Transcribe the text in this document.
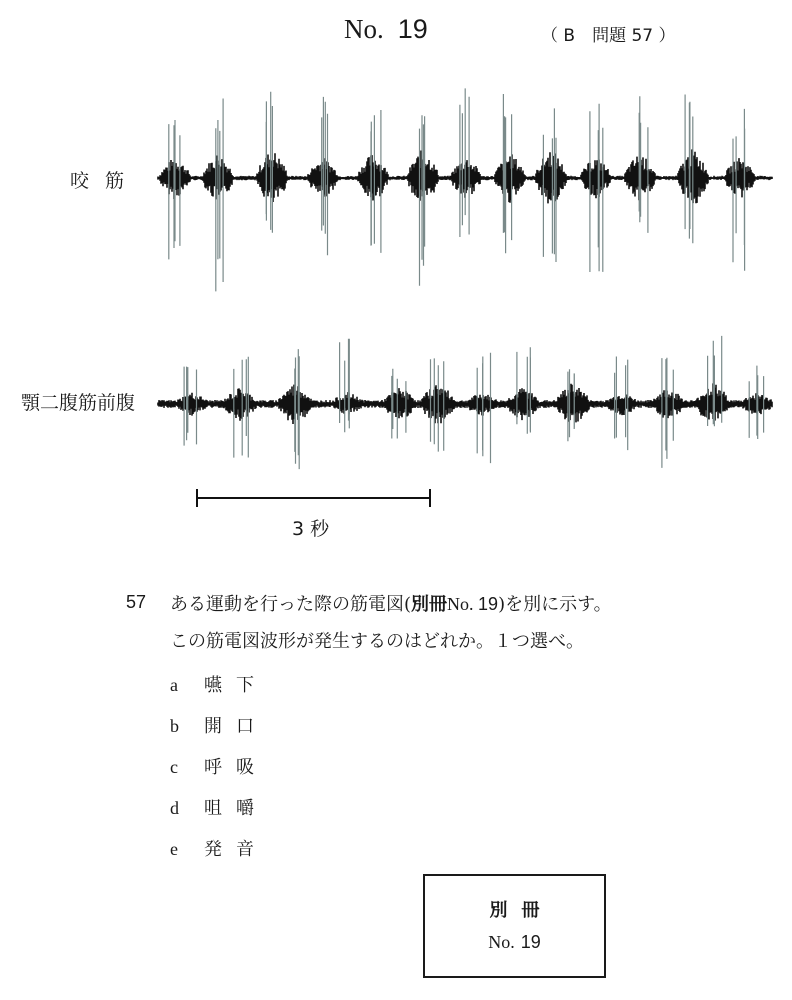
No. 19	（ B　問題 57 ）
咬筋
顎二腹筋前腹
3 秒
57 ある運動を行った際の筋電図(別冊No. 19)を別に示す。
この筋電図波形が発生するのはどれか。１つ選べ。
a 嚥下
b 開口
c 呼吸
d 咀嚼
e 発音
別冊
No. 19
